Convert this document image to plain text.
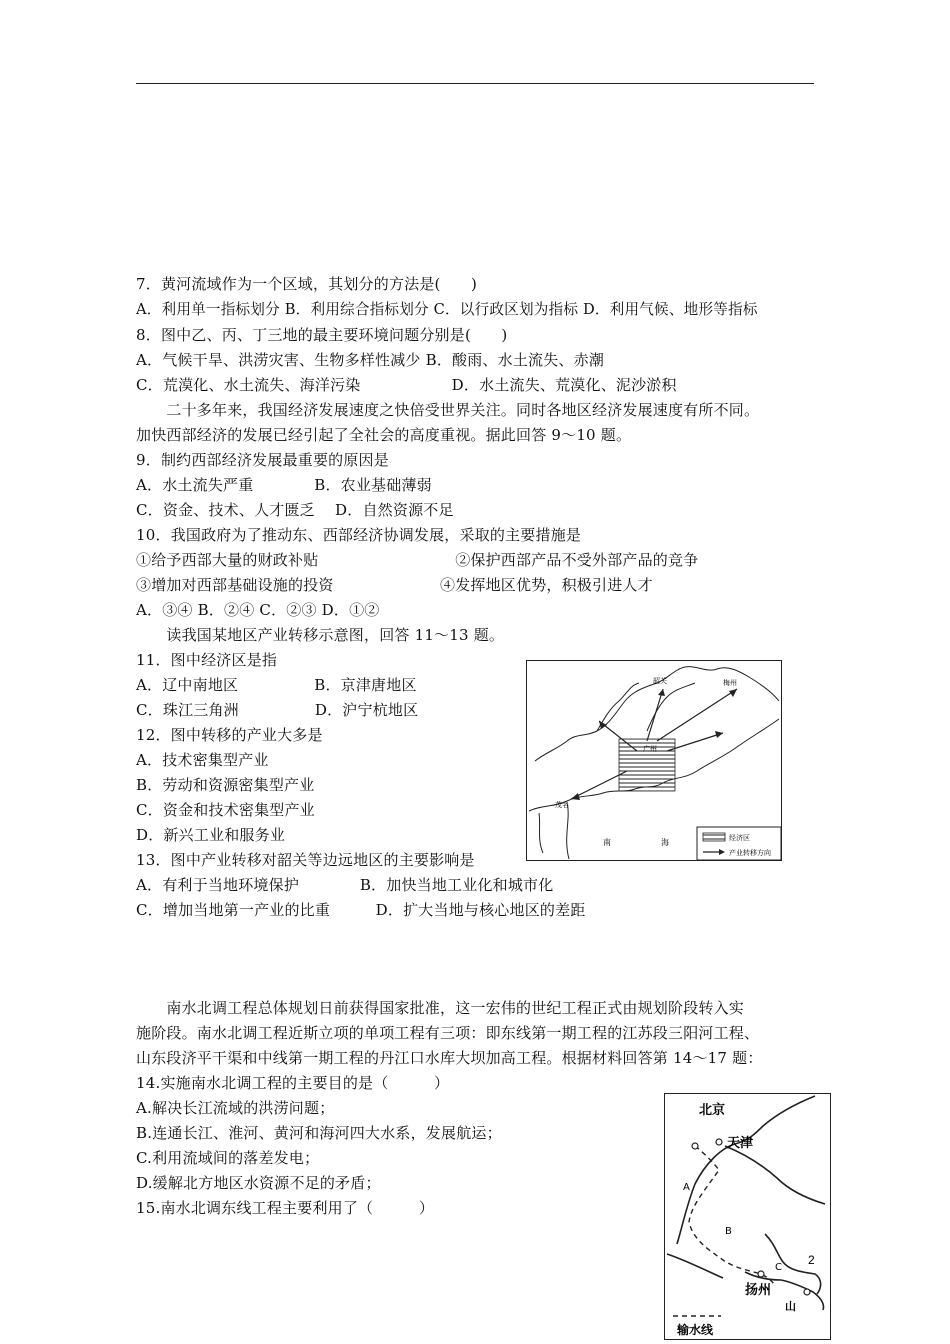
7．黄河流域作为一个区域，其划分的方法是(　　)
A．利用单一指标划分 B．利用综合指标划分 C．以行政区划为指标 D．利用气候、地形等指标
8．图中乙、丙、丁三地的最主要环境问题分别是(　　)
A．气候干旱、洪涝灾害、生物多样性减少 B．酸雨、水土流失、赤潮
C．荒漠化、水土流失、海洋污染　　　　　　D．水土流失、荒漠化、泥沙淤积
　　二十多年来，我国经济发展速度之快倍受世界关注。同时各地区经济发展速度有所不同。
加快西部经济的发展已经引起了全社会的高度重视。据此回答 9～10 题。
9．制约西部经济发展最重要的原因是
A．水土流失严重　　　　B．农业基础薄弱
C．资金、技术、人才匮乏　 D．自然资源不足
10．我国政府为了推动东、西部经济协调发展，采取的主要措施是
①给予西部大量的财政补贴　　　　　　　　　②保护西部产品不受外部产品的竞争
③增加对西部基础设施的投资　　　　　　　④发挥地区优势，积极引进人才
A．③④ B．②④ C．②③ D．①②
　　读我国某地区产业转移示意图，回答 11～13 题。
11．图中经济区是指
A．辽中南地区　　　　　B．京津唐地区
C．珠江三角洲　　　　　D．沪宁杭地区
12．图中转移的产业大多是
A．技术密集型产业
B．劳动和资源密集型产业
C．资金和技术密集型产业
D．新兴工业和服务业
13．图中产业转移对韶关等边远地区的主要影响是
A．有利于当地环境保护　　　　B．加快当地工业化和城市化
C．增加当地第一产业的比重　　　D．扩大当地与核心地区的差距
　　南水北调工程总体规划日前获得国家批准，这一宏伟的世纪工程正式由规划阶段转入实
施阶段。南水北调工程近斯立项的单项工程有三项：即东线第一期工程的江苏段三阳河工程、
山东段济平干渠和中线第一期工程的丹江口水库大坝加高工程。根据材料回答第 14～17 题：
14.实施南水北调工程的主要目的是（　　　）
A.解决长江流域的洪涝问题；
B.连通长江、淮河、黄河和海河四大水系，发展航运；
C.利用流域间的落差发电；
D.缓解北方地区水资源不足的矛盾；
15.南水北调东线工程主要利用了（　　　）
韶关	梅州
茂名
广州
南	海	经济区
产业转移方向
北京
天津
扬州
A
B
C
山
2
输水线
